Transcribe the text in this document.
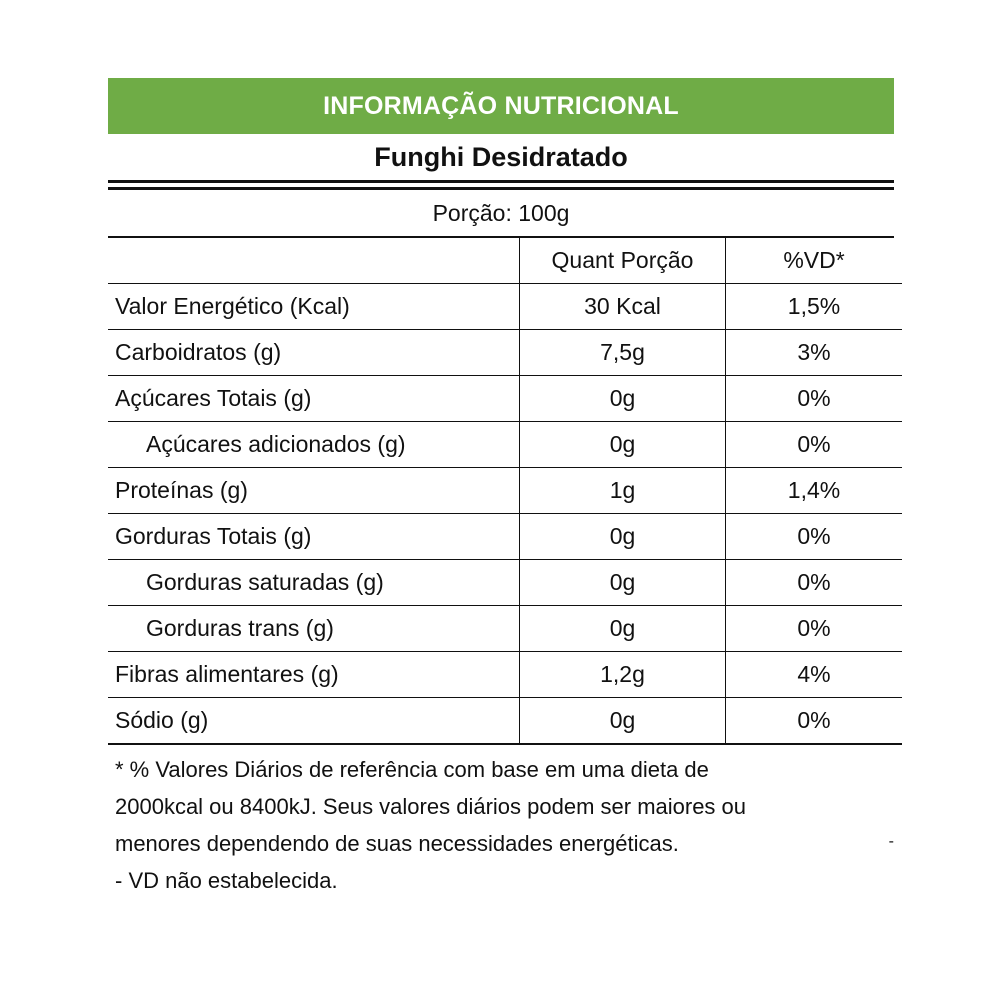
INFORMAÇÃO NUTRICIONAL
Funghi Desidratado
Porção: 100g
	Quant Porção	%VD*
Valor Energético (Kcal)	30 Kcal	1,5%
Carboidratos (g)	7,5g	3%
Açúcares Totais (g)	0g	0%
Açúcares adicionados (g)	0g	0%
Proteínas (g)	1g	1,4%
Gorduras Totais (g)	0g	0%
Gorduras saturadas (g)	0g	0%
Gorduras trans (g)	0g	0%
Fibras alimentares (g)	1,2g	4%
Sódio (g)	0g	0%

* % Valores Diários de referência com base em uma dieta de

2000kcal ou 8400kJ. Seus valores diários podem ser maiores ou

menores dependendo de suas necessidades energéticas.	-

- VD não estabelecida.
